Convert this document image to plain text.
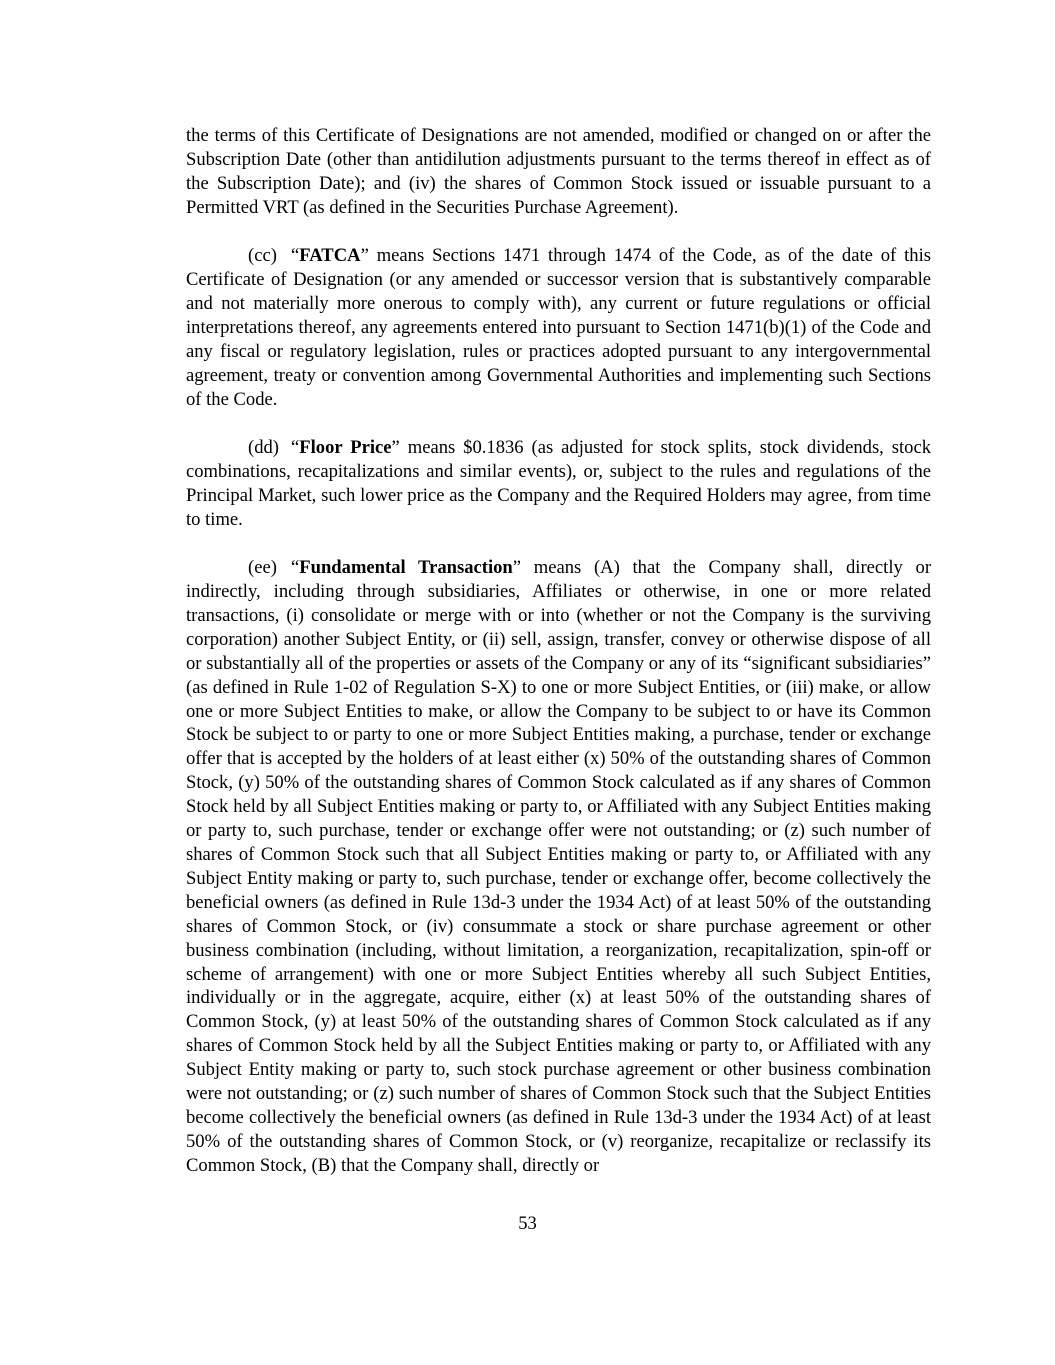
the terms of this Certificate of Designations are not amended, modified or changed on or after the Subscription Date (other than antidilution adjustments pursuant to the terms thereof in effect as of the Subscription Date); and (iv) the shares of Common Stock issued or issuable pursuant to a Permitted VRT (as defined in the Securities Purchase Agreement).

(cc) “FATCA” means Sections 1471 through 1474 of the Code, as of the date of this Certificate of Designation (or any amended or successor version that is substantively comparable and not materially more onerous to comply with), any current or future regulations or official interpretations thereof, any agreements entered into pursuant to Section 1471(b)(1) of the Code and any fiscal or regulatory legislation, rules or practices adopted pursuant to any intergovernmental agreement, treaty or convention among Governmental Authorities and implementing such Sections of the Code.

(dd) “Floor Price” means $0.1836 (as adjusted for stock splits, stock dividends, stock combinations, recapitalizations and similar events), or, subject to the rules and regulations of the Principal Market, such lower price as the Company and the Required Holders may agree, from time to time.

(ee) “Fundamental Transaction” means (A) that the Company shall, directly or indirectly, including through subsidiaries, Affiliates or otherwise, in one or more related transactions, (i) consolidate or merge with or into (whether or not the Company is the surviving corporation) another Subject Entity, or (ii) sell, assign, transfer, convey or otherwise dispose of all or substantially all of the properties or assets of the Company or any of its “significant subsidiaries” (as defined in Rule 1-02 of Regulation S-X) to one or more Subject Entities, or (iii) make, or allow one or more Subject Entities to make, or allow the Company to be subject to or have its Common Stock be subject to or party to one or more Subject Entities making, a purchase, tender or exchange offer that is accepted by the holders of at least either (x) 50% of the outstanding shares of Common Stock, (y) 50% of the outstanding shares of Common Stock calculated as if any shares of Common Stock held by all Subject Entities making or party to, or Affiliated with any Subject Entities making or party to, such purchase, tender or exchange offer were not outstanding; or (z) such number of shares of Common Stock such that all Subject Entities making or party to, or Affiliated with any Subject Entity making or party to, such purchase, tender or exchange offer, become collectively the beneficial owners (as defined in Rule 13d-3 under the 1934 Act) of at least 50% of the outstanding shares of Common Stock, or (iv) consummate a stock or share purchase agreement or other business combination (including, without limitation, a reorganization, recapitalization, spin-off or scheme of arrangement) with one or more Subject Entities whereby all such Subject Entities, individually or in the aggregate, acquire, either (x) at least 50% of the outstanding shares of Common Stock, (y) at least 50% of the outstanding shares of Common Stock calculated as if any shares of Common Stock held by all the Subject Entities making or party to, or Affiliated with any Subject Entity making or party to, such stock purchase agreement or other business combination were not outstanding; or (z) such number of shares of Common Stock such that the Subject Entities become collectively the beneficial owners (as defined in Rule 13d-3 under the 1934 Act) of at least 50% of the outstanding shares of Common Stock, or (v) reorganize, recapitalize or reclassify its Common Stock, (B) that the Company shall, directly or

53
